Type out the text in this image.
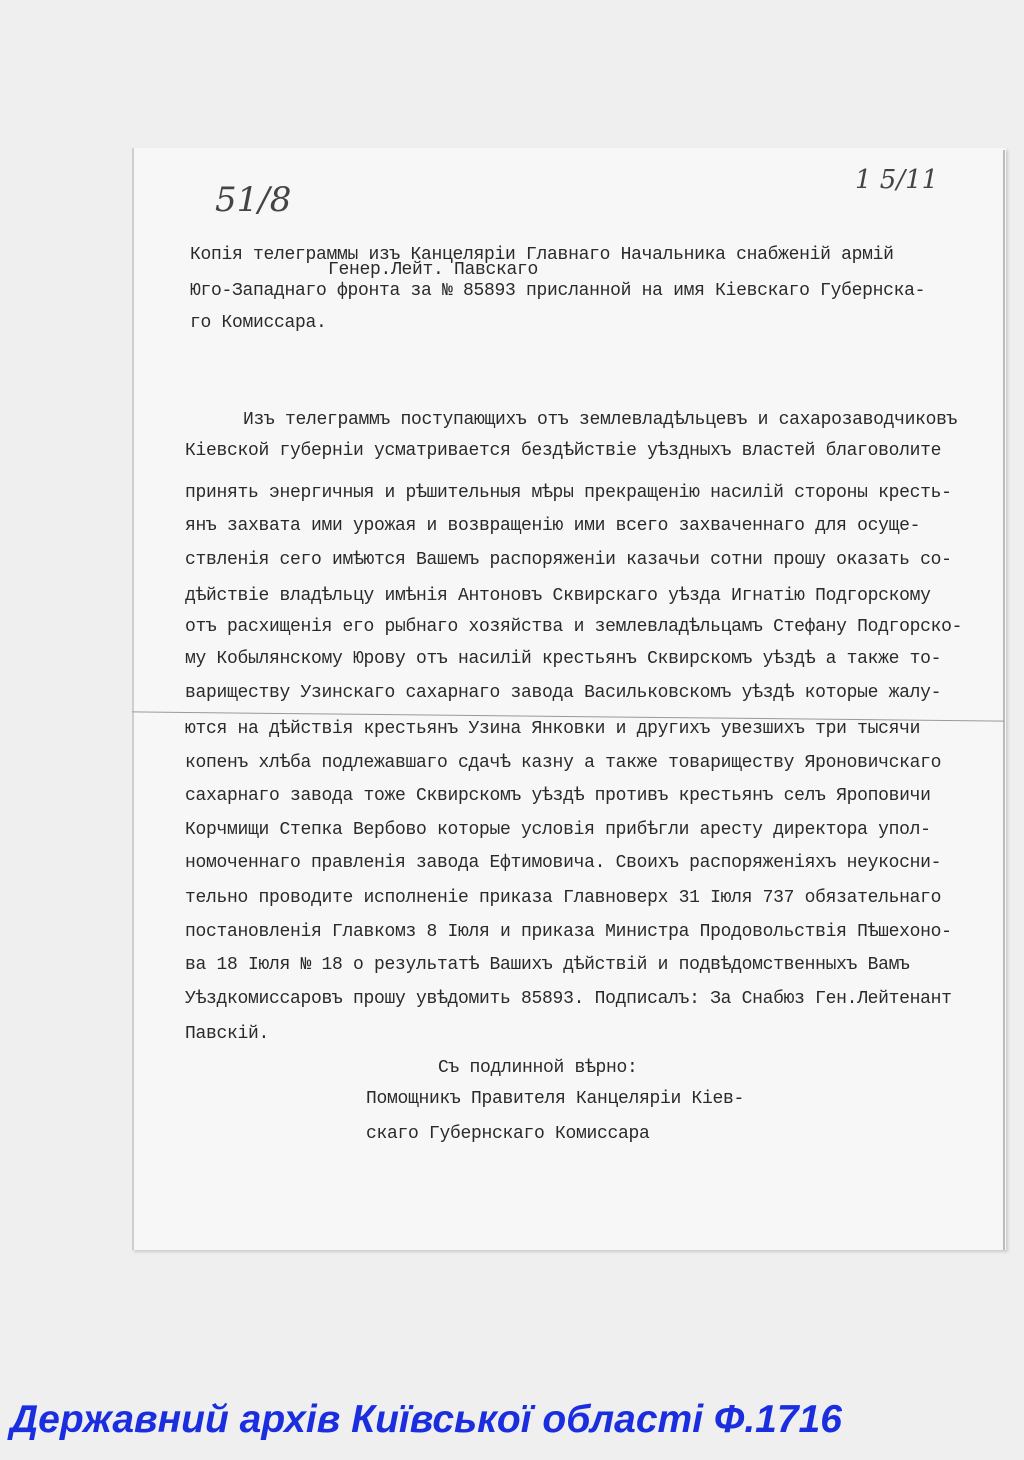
51/8	1 5/11
Копія телеграммы изъ Канцеляріи Главнаго Начальника снабженій армій
Генер.Лейт. Павскаго
Юго-Западнаго фронта за № 85893 присланной на имя Кіевскаго Губернска-
го Комиссара.
Изъ телеграммъ поступающихъ отъ землевладѣльцевъ и сахарозаводчиковъ
Кіевской губерніи усматривается бездѣйствіе уѣздныхъ властей благоволите
принять энергичныя и рѣшительныя мѣры прекращенію насилій стороны кресть-
янъ захвата ими урожая и возвращенію ими всего захваченнаго для осуще-
ствленія сего имѣются Вашемъ распоряженіи казачьи сотни прошу оказать со-
дѣйствіе владѣльцу имѣнія Антоновъ Сквирскаго уѣзда Игнатію Подгорскому
отъ расхищенія его рыбнаго хозяйства и землевладѣльцамъ Стефану Подгорско-
му Кобылянскому Юрову отъ насилій крестьянъ Сквирскомъ уѣздѣ а также то-
вариществу Узинскаго сахарнаго завода Васильковскомъ уѣздѣ которые жалу-
ются на дѣйствія крестьянъ Узина Янковки и другихъ увезшихъ три тысячи
копенъ хлѣба подлежавшаго сдачѣ казну а также товариществу Яроновичскаго
сахарнаго завода тоже Сквирскомъ уѣздѣ противъ крестьянъ селъ Яроповичи
Корчмищи Степка Вербово которые условія прибѣгли аресту директора упол-
номоченнаго правленія завода Ефтимовича. Своихъ распоряженіяхъ неукосни-
тельно проводите исполненіе приказа Главноверх 31 Іюля 737 обязательнаго
постановленія Главкомз 8 Іюля и приказа Министра Продовольствія Пѣшехоно-
ва 18 Іюля № 18 о результатѣ Вашихъ дѣйствій и подвѣдомственныхъ Вамъ
Уѣздкомиссаровъ прошу увѣдомить 85893. Подписалъ: За Снабюз Ген.Лейтенант
Павскій.
Съ подлинной вѣрно:
Помощникъ Правителя Канцеляріи Кіев-
скаго Губернскаго Комиссара
Державний архів Київської області Ф.1716
